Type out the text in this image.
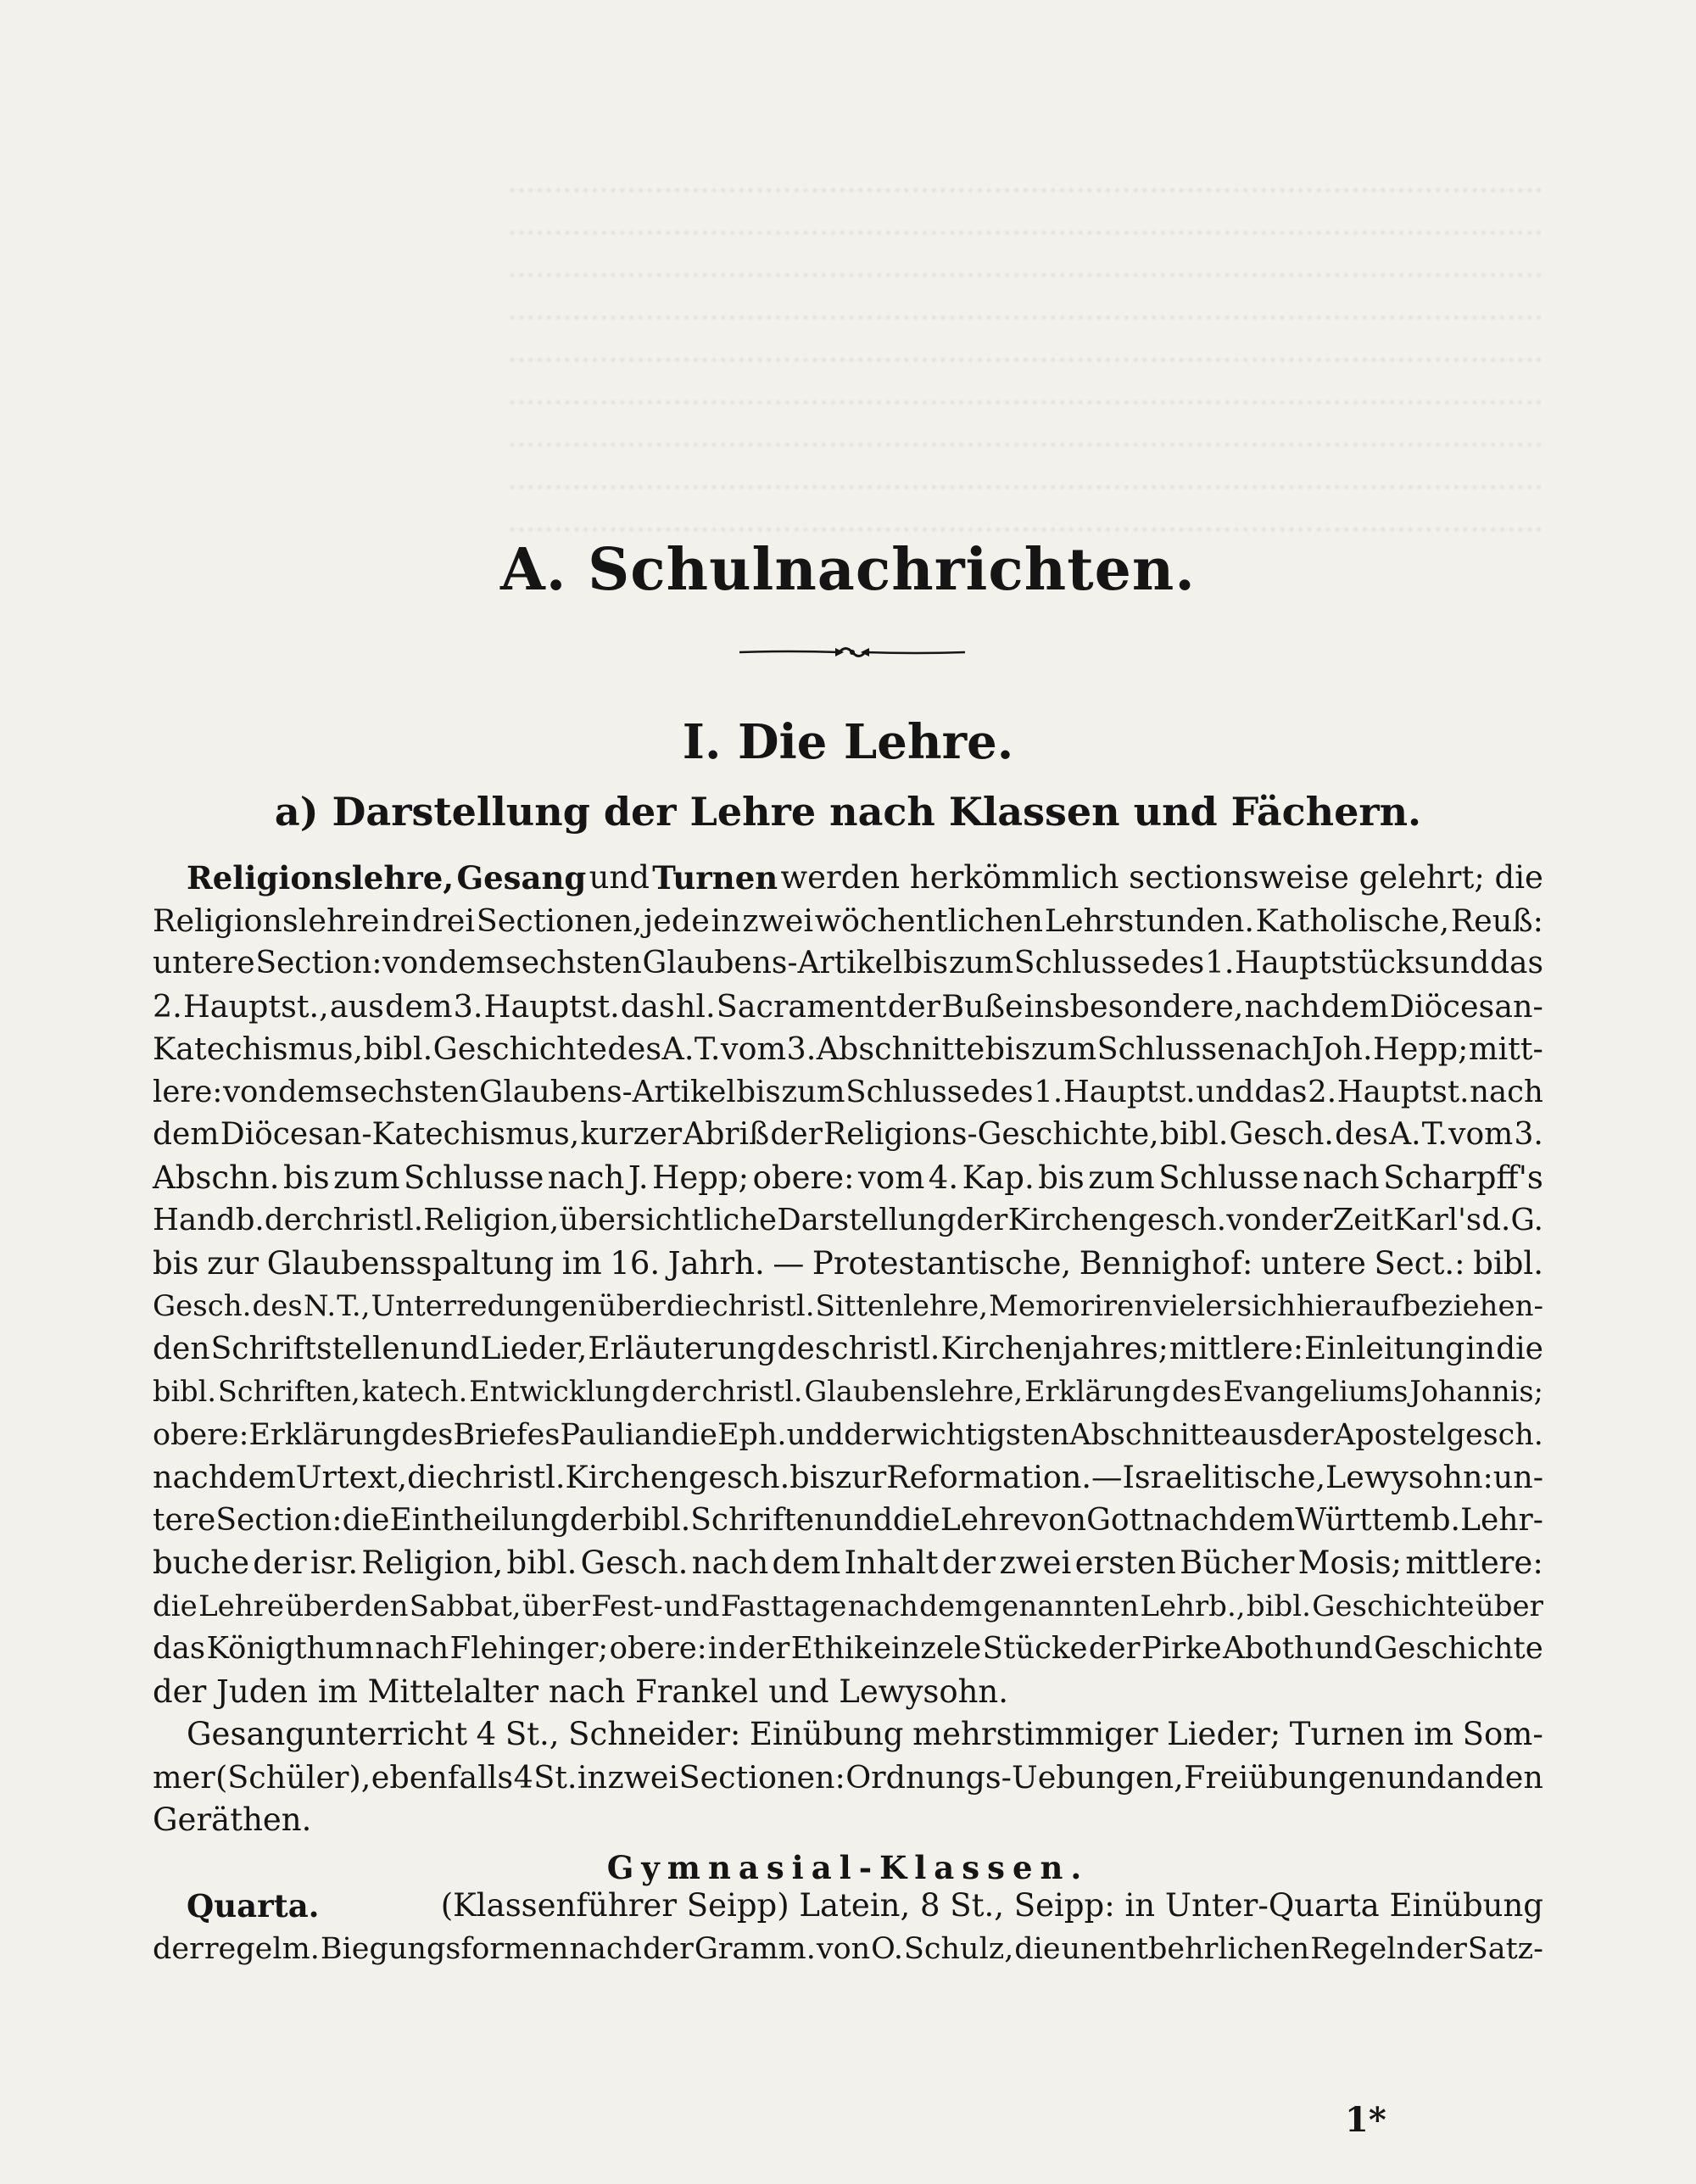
.................................................................................................................
.................................................................................................................
.................................................................................................................
.................................................................................................................
.................................................................................................................
.................................................................................................................
.................................................................................................................
.................................................................................................................
.................................................................................................................
A. Schulnachrichten.
I. Die Lehre.
a) Darstellung der Lehre nach Klassen und Fächern.
Religionslehre, Gesang und Turnen werden herkömmlich sectionsweise gelehrt; die
Religionslehre in drei Sectionen, jede in zwei wöchentlichen Lehrstunden. Katholische, Reuß:
untere Section: von dem sechsten Glaubens-Artikel bis zum Schlusse des 1. Hauptstücks und das
2. Hauptst., aus dem 3. Hauptst. das hl. Sacrament der Buße insbesondere, nach dem Diöcesan-
Katechismus, bibl. Geschichte des A. T. vom 3. Abschnitte bis zum Schlusse nach Joh. Hepp; mitt-
lere: von dem sechsten Glaubens-Artikel bis zum Schlusse des 1. Hauptst. und das 2. Hauptst. nach
dem Diöcesan-Katechismus, kurzer Abriß der Religions-Geschichte, bibl. Gesch. des A. T. vom 3.
Abschn. bis zum Schlusse nach J. Hepp; obere: vom 4. Kap. bis zum Schlusse nach Scharpff's
Handb. der christl. Religion, übersichtliche Darstellung der Kirchengesch. von der Zeit Karl's d. G.
bis zur Glaubensspaltung im 16. Jahrh. — Protestantische, Bennighof: untere Sect.: bibl.
Gesch. des N. T., Unterredungen über die christl. Sittenlehre, Memoriren vieler sich hierauf beziehen-
den Schriftstellen und Lieder, Erläuterung des christl. Kirchenjahres; mittlere: Einleitung in die
bibl. Schriften, katech. Entwicklung der christl. Glaubenslehre, Erklärung des Evangeliums Johannis;
obere: Erklärung des Briefes Pauli an die Eph. und der wichtigsten Abschnitte aus der Apostelgesch.
nach dem Urtext, die christl. Kirchengesch. bis zur Reformation. — Israelitische, Lewysohn: un-
tere Section: die Eintheilung der bibl. Schriften und die Lehre von Gott nach dem Württemb. Lehr-
buche der isr. Religion, bibl. Gesch. nach dem Inhalt der zwei ersten Bücher Mosis; mittlere:
die Lehre über den Sabbat, über Fest- und Fasttage nach dem genannten Lehrb., bibl. Geschichte über
das Königthum nach Flehinger; obere: in der Ethik einzele Stücke der Pirke Aboth und Geschichte
der Juden im Mittelalter nach Frankel und Lewysohn.
Gesangunterricht 4 St., Schneider: Einübung mehrstimmiger Lieder; Turnen im Som-
mer (Schüler), ebenfalls 4 St. in zwei Sectionen: Ordnungs-Uebungen, Freiübungen und an den
Geräthen.
Gymnasial-Klassen.
Quarta.	(Klassenführer Seipp) Latein, 8 St., Seipp: in Unter-Quarta Einübung
der regelm. Biegungsformen nach der Gramm. von O. Schulz, die unentbehrlichen Regeln der Satz-
1*
